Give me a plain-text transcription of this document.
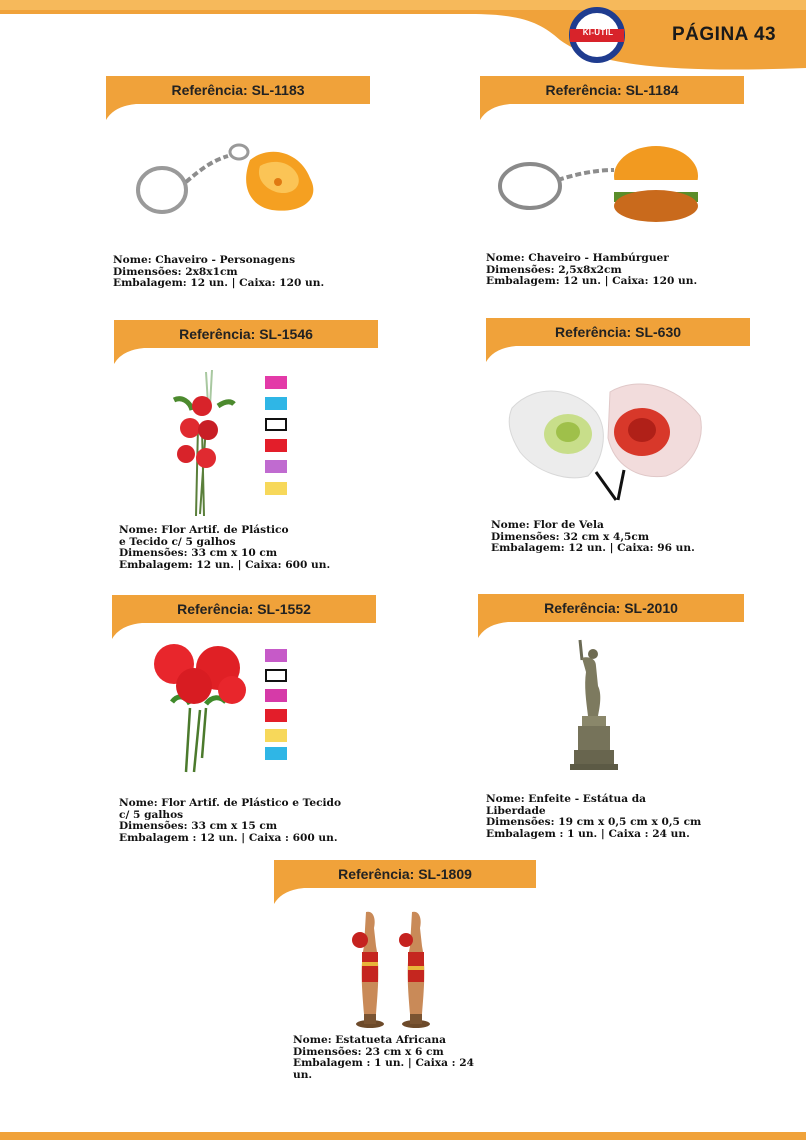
KI-UTIL	PÁGINA 43
Referência: SL-1183
Nome: Chaveiro - Personagens
Dimensões: 2x8x1cm
Embalagem: 12 un. | Caixa: 120 un.
Referência: SL-1184
Nome: Chaveiro - Hambúrguer
Dimensões: 2,5x8x2cm
Embalagem: 12 un. | Caixa: 120 un.
Referência: SL-1546
Nome: Flor Artif. de Plástico
e Tecido c/ 5 galhos
Dimensões: 33 cm x 10 cm
Embalagem: 12 un. | Caixa: 600 un.
Referência: SL-630
Nome: Flor de Vela
Dimensões: 32 cm x 4,5cm
Embalagem: 12 un. | Caixa: 96 un.
Referência: SL-1552
Nome: Flor Artif. de Plástico e Tecido
c/ 5 galhos
Dimensões: 33 cm x 15 cm
Embalagem : 12 un. | Caixa : 600 un.
Referência: SL-2010
Nome: Enfeite - Estátua da
Liberdade
Dimensões: 19 cm x 0,5 cm x 0,5 cm
Embalagem : 1 un. | Caixa : 24 un.
Referência: SL-1809
Nome: Estatueta Africana
Dimensões: 23 cm x 6 cm
Embalagem : 1 un. | Caixa : 24
un.
